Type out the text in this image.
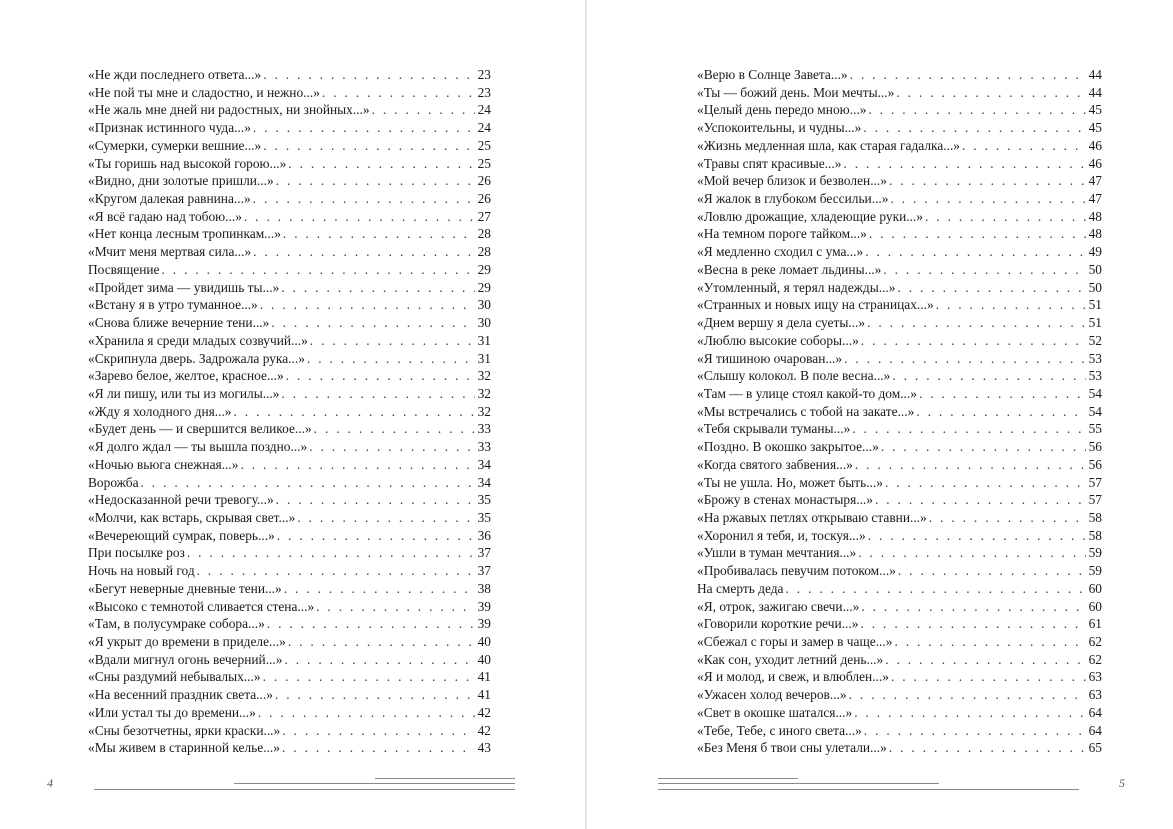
«Не жди последнего ответа...» . . .	23
«Не пой ты мне и сладостно, и нежно...» . . .	23
«Не жаль мне дней ни радостных, ни знойных...» . . .	24
«Признак истинного чуда...» . . .	24
«Сумерки, сумерки вешние...» . . .	25
«Ты горишь над высокой горою...» . . .	25
«Видно, дни золотые пришли...» . . .	26
«Кругом далекая равнина...» . . .	26
«Я всё гадаю над тобою...» . . .	27
«Нет конца лесным тропинкам...» . . .	28
«Мчит меня мертвая сила...» . . .	28
Посвящение . . .	29
«Пройдет зима — увидишь ты...» . . .	29
«Встану я в утро туманное...» . . .	30
«Снова ближе вечерние тени...» . . .	30
«Хранила я среди младых созвучий...» . . .	31
«Скрипнула дверь. Задрожала рука...» . . .	31
«Зарево белое, желтое, красное...» . . .	32
«Я ли пишу, или ты из могилы...» . . .	32
«Жду я холодного дня...» . . .	32
«Будет день — и свершится великое...» . . .	33
«Я долго ждал — ты вышла поздно...» . . .	33
«Ночью вьюга снежная...» . . .	34
Ворожба . . .	34
«Недосказанной речи тревогу...» . . .	35
«Молчи, как встарь, скрывая свет...» . . .	35
«Вечереющий сумрак, поверь...» . . .	36
При посылке роз . . .	37
Ночь на новый год . . .	37
«Бегут неверные дневные тени...» . . .	38
«Высоко с темнотой сливается стена...» . . .	39
«Там, в полусумраке собора...» . . .	39
«Я укрыт до времени в приделе...» . . .	40
«Вдали мигнул огонь вечерний...» . . .	40
«Сны раздумий небывалых...» . . .	41
«На весенний праздник света...» . . .	41
«Или устал ты до времени...» . . .	42
«Сны безотчетны, ярки краски...» . . .	42
«Мы живем в старинной келье...» . . .	43
4
«Верю в Солнце Завета...» . . .	44
«Ты — божий день. Мои мечты...» . . .	44
«Целый день передо мною...» . . .	45
«Успокоительны, и чудны...» . . .	45
«Жизнь медленная шла, как старая гадалка...» . . .	46
«Травы спят красивые...» . . .	46
«Мой вечер близок и безволен...» . . .	47
«Я жалок в глубоком бессильи...» . . .	47
«Ловлю дрожащие, хладеющие руки...» . . .	48
«На темном пороге тайком...» . . .	48
«Я медленно сходил с ума...» . . .	49
«Весна в реке ломает льдины...» . . .	50
«Утомленный, я терял надежды...» . . .	50
«Странных и новых ищу на страницах...» . . .	51
«Днем вершу я дела суеты...» . . .	51
«Люблю высокие соборы...» . . .	52
«Я тишиною очарован...» . . .	53
«Слышу колокол. В поле весна...» . . .	53
«Там — в улице стоял какой-то дом...» . . .	54
«Мы встречались с тобой на закате...» . . .	54
«Тебя скрывали туманы...» . . .	55
«Поздно. В окошко закрытое...» . . .	56
«Когда святого забвения...» . . .	56
«Ты не ушла. Но, может быть...» . . .	57
«Брожу в стенах монастыря...» . . .	57
«На ржавых петлях открываю ставни...» . . .	58
«Хоронил я тебя, и, тоскуя...» . . .	58
«Ушли в туман мечтания...» . . .	59
«Пробивалась певучим потоком...» . . .	59
На смерть деда . . .	60
«Я, отрок, зажигаю свечи...» . . .	60
«Говорили короткие речи...» . . .	61
«Сбежал с горы и замер в чаще...» . . .	62
«Как сон, уходит летний день...» . . .	62
«Я и молод, и свеж, и влюблен...» . . .	63
«Ужасен холод вечеров...» . . .	63
«Свет в окошке шатался...» . . .	64
«Тебе, Тебе, с иного света...» . . .	64
«Без Меня б твои сны улетали...» . . .	65
5
